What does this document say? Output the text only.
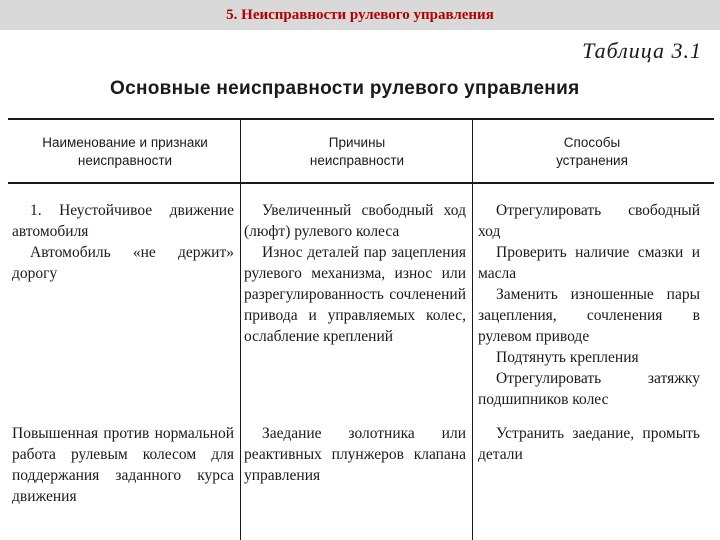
5. Неисправности рулевого управления
Таблица 3.1
Основные неисправности рулевого управления
Наименование и признаки неисправности
Причины неисправности
Способы устранения

1. Неустойчивое движение автомобиля

Автомобиль «не держит» дорогу

Увеличенный свободный ход (люфт) рулевого колеса

Износ деталей пар зацепления рулевого механизма, износ или разрегулированность сочленений привода и управляемых колес, ослабление креплений

Отрегулировать свободный ход

Проверить наличие смазки и масла

Заменить изношенные пары зацепления, сочленения в рулевом приводе

Подтянуть крепления

Отрегулировать затяжку подшипников колес

Повышенная против нормальной работа рулевым колесом для поддержания заданного курса движения

Заедание золотника или реактивных плунжеров клапана управления

Устранить заедание, промыть детали
